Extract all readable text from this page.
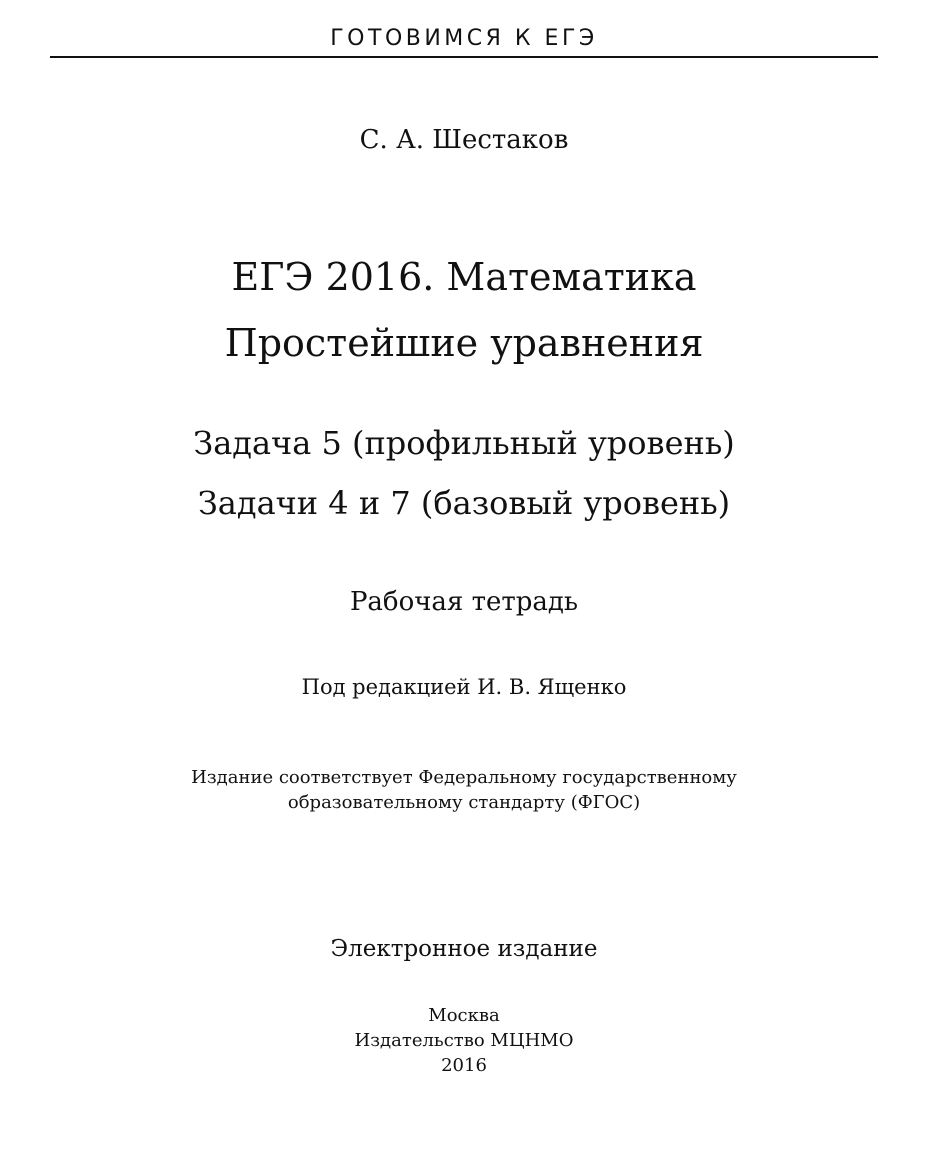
ГОТОВИМСЯ К ЕГЭ
С. А. Шестаков
ЕГЭ 2016. Математика
Простейшие уравнения
Задача 5 (профильный уровень)
Задачи 4 и 7 (базовый уровень)
Рабочая тетрадь
Под редакцией И. В. Ященко
Издание соответствует Федеральному государственному
образовательному стандарту (ФГОС)
Электронное издание
Москва
Издательство МЦНМО
2016
